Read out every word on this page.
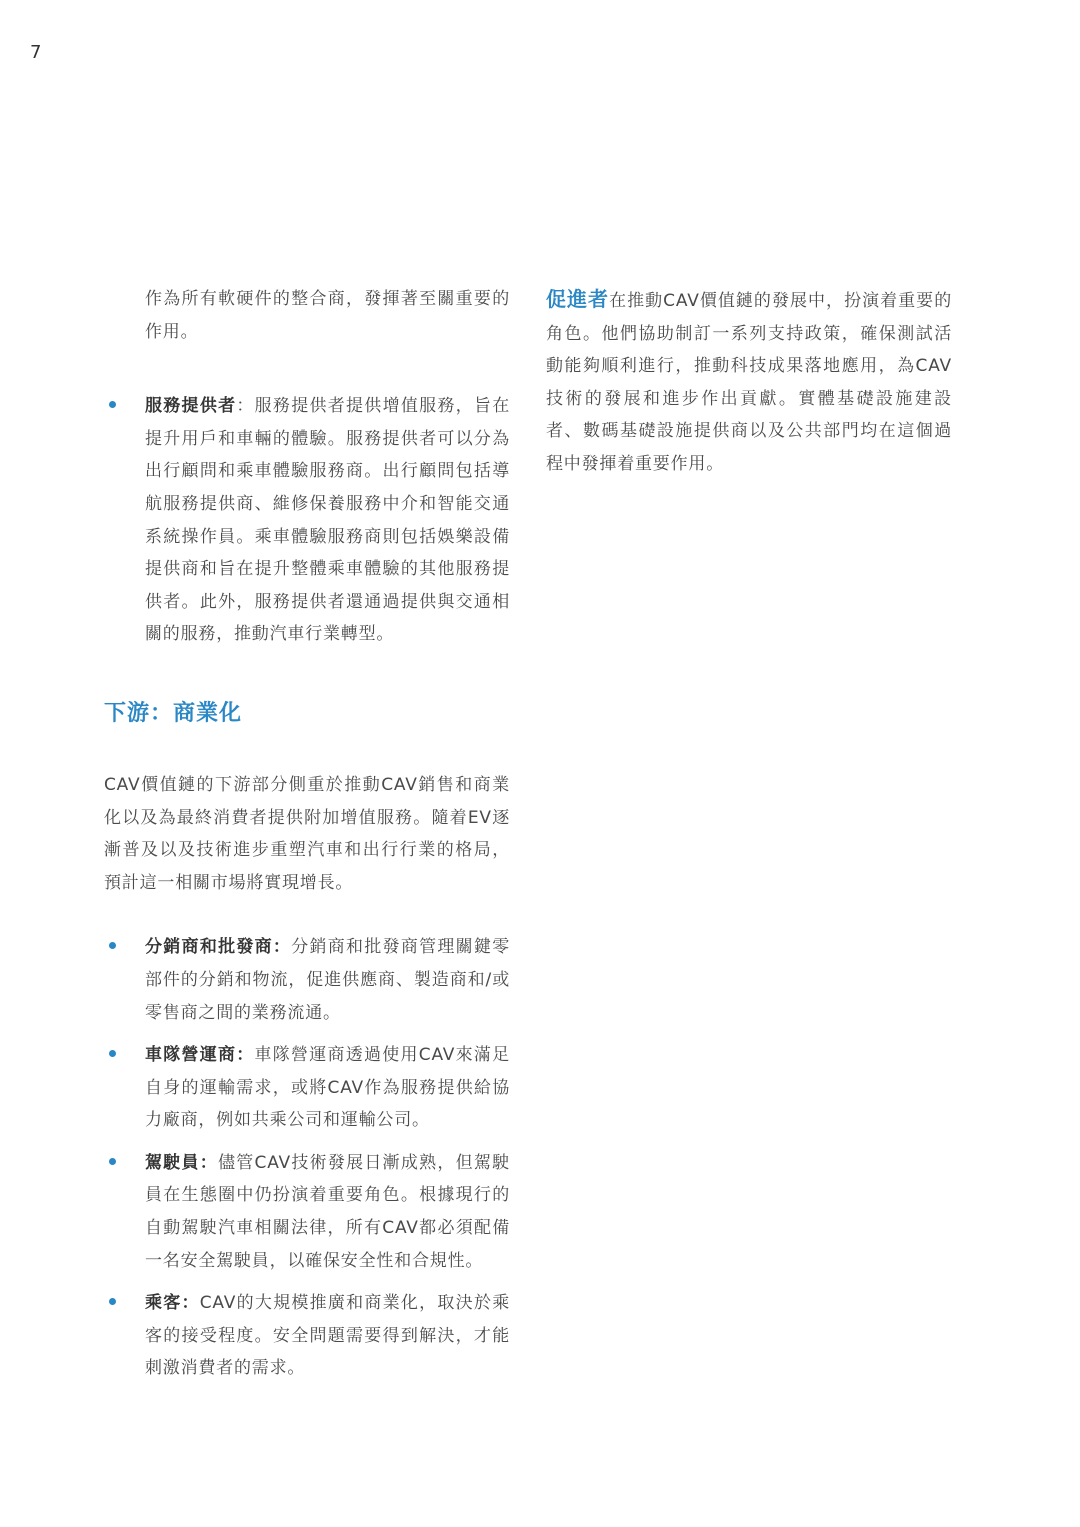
7

作為所有軟硬件的整合商，發揮著至關重要的作用。

服務提供者：服務提供者提供增值服務，旨在提升用戶和車輛的體驗。服務提供者可以分為出行顧問和乘車體驗服務商。出行顧問包括導航服務提供商、維修保養服務中介和智能交通系統操作員。乘車體驗服務商則包括娛樂設備提供商和旨在提升整體乘車體驗的其他服務提供者。此外，服務提供者還通過提供與交通相關的服務，推動汽車行業轉型。

下游：商業化

CAV價值鏈的下游部分側重於推動CAV銷售和商業化以及為最終消費者提供附加增值服務。隨着EV逐漸普及以及技術進步重塑汽車和出行行業的格局，預計這一相關市場將實現增長。

分銷商和批發商：分銷商和批發商管理關鍵零部件的分銷和物流，促進供應商、製造商和/或零售商之間的業務流通。

車隊營運商：車隊營運商透過使用CAV來滿足自身的運輸需求，或將CAV作為服務提供給協力廠商，例如共乘公司和運輸公司。

駕駛員：儘管CAV技術發展日漸成熟，但駕駛員在生態圈中仍扮演着重要角色。根據現行的自動駕駛汽車相關法律，所有CAV都必須配備一名安全駕駛員，以確保安全性和合規性。

乘客：CAV的大規模推廣和商業化，取決於乘客的接受程度。安全問題需要得到解決，才能刺激消費者的需求。

促進者在推動CAV價值鏈的發展中，扮演着重要的角色。他們協助制訂一系列支持政策，確保測試活動能夠順利進行，推動科技成果落地應用，為CAV技術的發展和進步作出貢獻。實體基礎設施建設者、數碼基礎設施提供商以及公共部門均在這個過程中發揮着重要作用。
